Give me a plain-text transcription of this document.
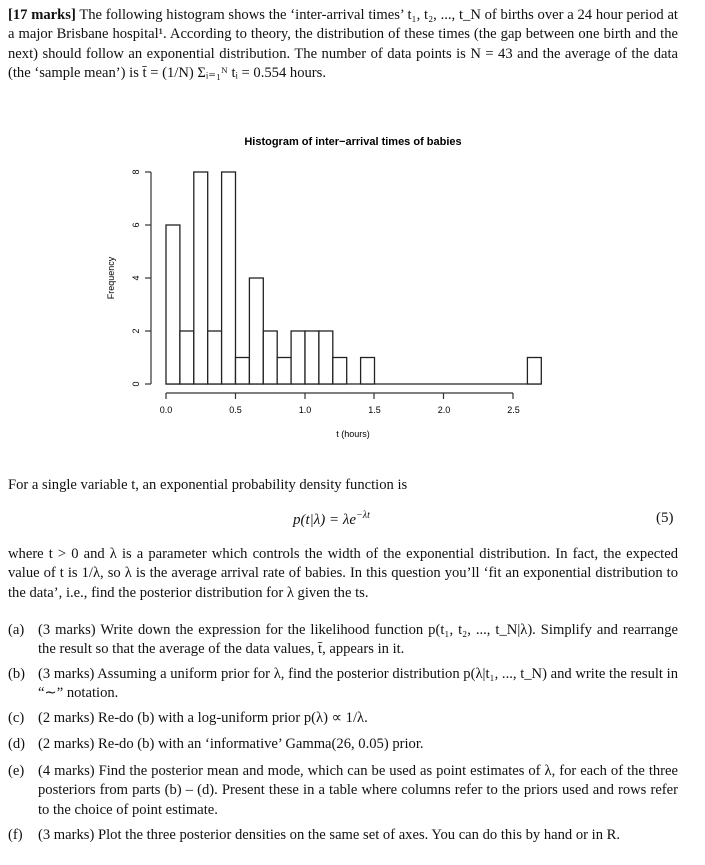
[17 marks] The following histogram shows the ‘inter-arrival times’ t₁, t₂, ..., t_N of births over a 24 hour period at a major Brisbane hospital¹. According to theory, the distribution of these times (the gap between one birth and the next) should follow an exponential distribution. The number of data points is N = 43 and the average of the data (the ‘sample mean’) is t̄ = (1/N) Σᵢ₌₁ᴺ tᵢ = 0.554 hours.
Histogram of inter−arrival times of babies
0
2
4
6
8
0.0	0.5	1.0	1.5	2.0	2.5
t (hours)
Frequency
For a single variable t, an exponential probability density function is
$p(t|\lambda) = \lambda e^{-\lambda t}$	(5)
where t > 0 and λ is a parameter which controls the width of the exponential distribution. In fact, the expected value of t is 1/λ, so λ is the average arrival rate of babies. In this question you’ll ‘fit an exponential distribution to the data’, i.e., find the posterior distribution for λ given the ts.
(a) (3 marks) Write down the expression for the likelihood function p(t₁, t₂, ..., t_N|λ). Simplify and rearrange the result so that the average of the data values, t̄, appears in it.
(b) (3 marks) Assuming a uniform prior for λ, find the posterior distribution p(λ|t₁, ..., t_N) and write the result in “∼” notation.
(c) (2 marks) Re-do (b) with a log-uniform prior p(λ) ∝ 1/λ.
(d) (2 marks) Re-do (b) with an ‘informative’ Gamma(26, 0.05) prior.
(e) (4 marks) Find the posterior mean and mode, which can be used as point estimates of λ, for each of the three posteriors from parts (b) – (d). Present these in a table where columns refer to the priors used and rows refer to the choice of point estimate.
(f) (3 marks) Plot the three posterior densities on the same set of axes. You can do this by hand or in R.
